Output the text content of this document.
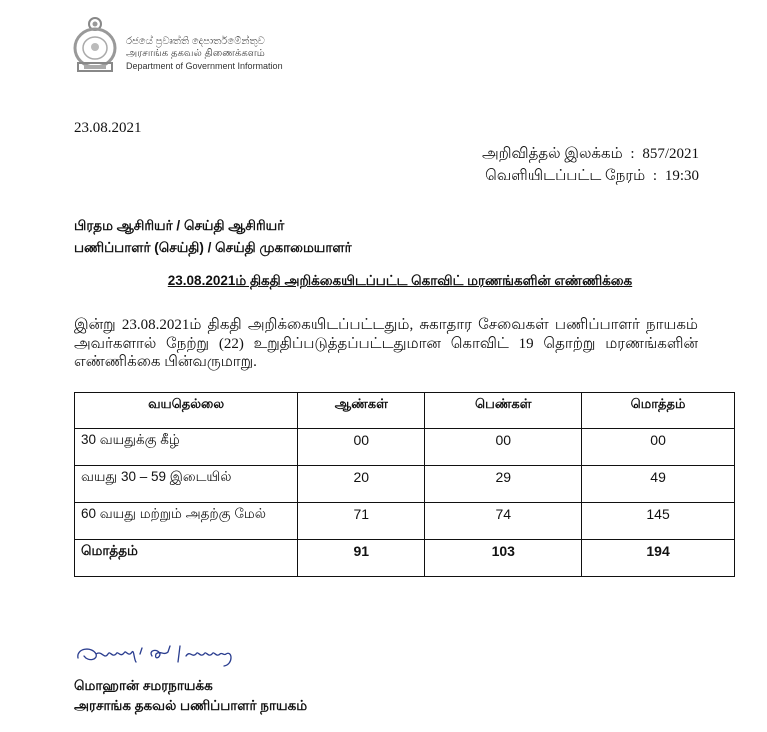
රජයේ ප්‍රවෘත්ති දෙපාර්තමේන්තුව
அரசாங்க தகவல் திணைக்களம்
Department of Government Information
23.08.2021
அறிவித்தல் இலக்கம் : 857/2021
வெளியிடப்பட்ட நேரம் : 19:30
பிரதம ஆசிரியர் / செய்தி ஆசிரியர்
பணிப்பாளர் (செய்தி) / செய்தி முகாமையாளர்
23.08.2021ம் திகதி அறிக்கையிடப்பட்ட கொவிட் மரணங்களின் எண்ணிக்கை
இன்று 23.08.2021ம் திகதி அறிக்கையிடப்பட்டதும், சுகாதார சேவைகள் பணிப்பாளர் நாயகம் அவர்களால் நேற்று (22) உறுதிப்படுத்தப்பட்டதுமான கொவிட் 19 தொற்று மரணங்களின் எண்ணிக்கை பின்வருமாறு.
வயதெல்லை	ஆண்கள்	பெண்கள்	மொத்தம்
30 வயதுக்கு கீழ்	00	00	00
வயது 30 – 59 இடையில்	20	29	49
60 வயது மற்றும் அதற்கு மேல்	71	74	145
மொத்தம்	91	103	194
மொஹான் சமரநாயக்க
அரசாங்க தகவல் பணிப்பாளர் நாயகம்
